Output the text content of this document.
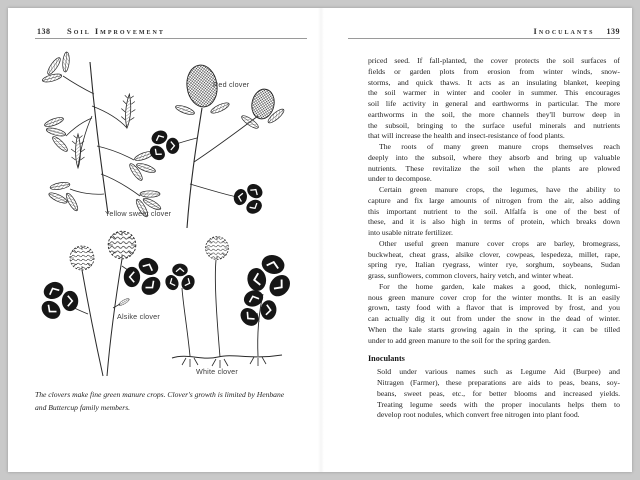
138 Soil Improvement
Red clover
Yellow sweet clover
Alsike clover
White clover
The clovers make fine green manure crops. Clover's growth is limited by Henbane
and Buttercup family members.
Inoculants 139
priced seed. If fall-planted, the cover protects the soil surfaces of
fields or garden plots from erosion from winter winds, snow-
storms, and quick thaws. It acts as an insulating blanket, keeping
the soil warmer in winter and cooler in summer. This encourages
soil life activity in general and earthworms in particular. The more
earthworms in the soil, the more channels they'll burrow deep in
the subsoil, bringing to the surface useful minerals and nutrients
that will increase the health and insect-resistance of food plants.
The roots of many green manure crops themselves reach
deeply into the subsoil, where they absorb and bring up valuable
nutrients. These revitalize the soil when the plants are plowed
under to decompose.
Certain green manure crops, the legumes, have the ability to
capture and fix large amounts of nitrogen from the air, also adding
this important nutrient to the soil. Alfalfa is one of the best of
these, and it is also high in terms of protein, which breaks down
into usable nitrate fertilizer.
Other useful green manure cover crops are barley, bromegrass,
buckwheat, cheat grass, alsike clover, cowpeas, lespedeza, millet, rape,
spring rye, Italian ryegrass, winter rye, sorghum, soybeans, Sudan
grass, sunflowers, common clovers, hairy vetch, and winter wheat.
For the home garden, kale makes a good, thick, nonlegumi-
nous green manure cover crop for the winter months. It is an easily
grown, tasty food with a flavor that is improved by frost, and you
can actually dig it out from under the snow in the dead of winter.
When the kale starts growing again in the spring, it can be tilled
under to add green manure to the soil for the spring garden.
Inoculants
Sold under various names such as Legume Aid (Burpee) and
Nitragen (Farmer), these preparations are aids to peas, beans, soy-
beans, sweet peas, etc., for better blooms and increased yields.
Treating legume seeds with the proper inoculants helps them to
develop root nodules, which convert free nitrogen into plant food.
